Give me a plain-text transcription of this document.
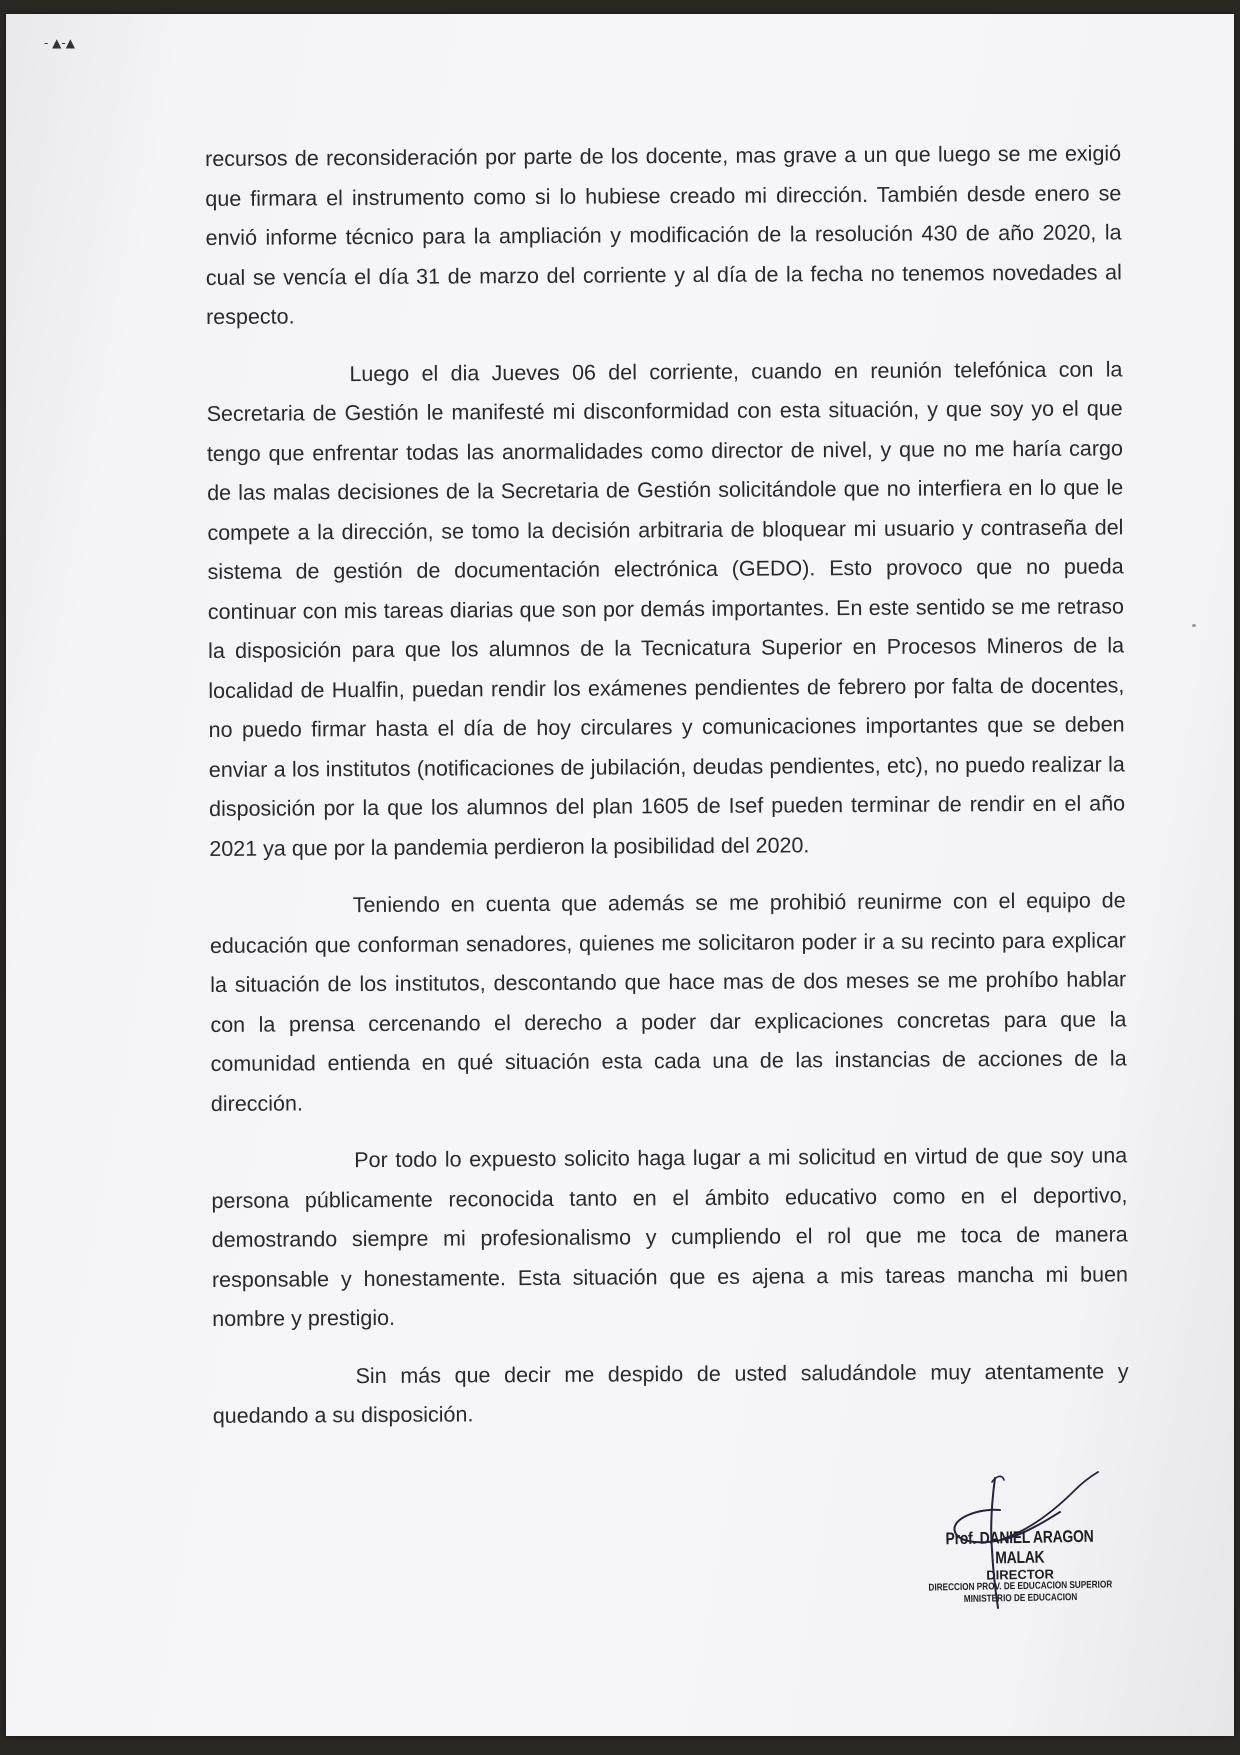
- ▲-▲

recursos de reconsideración por parte de los docente, mas grave a un que luego se me exigió que firmara el instrumento como si lo hubiese creado mi dirección. También desde enero se envió informe técnico para la ampliación y modificación de la resolución 430 de año 2020, la cual se vencía el día 31 de marzo del corriente y al día de la fecha no tenemos novedades al respecto.

Luego el dia Jueves 06 del corriente, cuando en reunión telefónica con la Secretaria de Gestión le manifesté mi disconformidad con esta situación, y que soy yo el que tengo que enfrentar todas las anormalidades como director de nivel, y que no me haría cargo de las malas decisiones de la Secretaria de Gestión solicitándole que no interfiera en lo que le compete a la dirección, se tomo la decisión arbitraria de bloquear mi usuario y contraseña del sistema de gestión de documentación electrónica (GEDO). Esto provoco que no pueda continuar con mis tareas diarias que son por demás importantes. En este sentido se me retraso la disposición para que los alumnos de la Tecnicatura Superior en Procesos Mineros de la localidad de Hualfin, puedan rendir los exámenes pendientes de febrero por falta de docentes, no puedo firmar hasta el día de hoy circulares y comunicaciones importantes que se deben enviar a los institutos (notificaciones de jubilación, deudas pendientes, etc), no puedo realizar la disposición por la que los alumnos del plan 1605 de Isef pueden terminar de rendir en el año 2021 ya que por la pandemia perdieron la posibilidad del 2020.

Teniendo en cuenta que además se me prohibió reunirme con el equipo de educación que conforman senadores, quienes me solicitaron poder ir a su recinto para explicar la situación de los institutos, descontando que hace mas de dos meses se me prohíbo hablar con la prensa cercenando el derecho a poder dar explicaciones concretas para que la comunidad entienda en qué situación esta cada una de las instancias de acciones de la dirección.

Por todo lo expuesto solicito haga lugar a mi solicitud en virtud de que soy una persona públicamente reconocida tanto en el ámbito educativo como en el deportivo, demostrando siempre mi profesionalismo y cumpliendo el rol que me toca de manera responsable y honestamente. Esta situación que es ajena a mis tareas mancha mi buen nombre y prestigio.

Sin más que decir me despido de usted saludándole muy atentamente y quedando a su disposición.

Prof. DANIEL ARAGON MALAK
DIRECTOR
DIRECCION PROV. DE EDUCACION SUPERIOR
MINISTERIO DE EDUCACION
